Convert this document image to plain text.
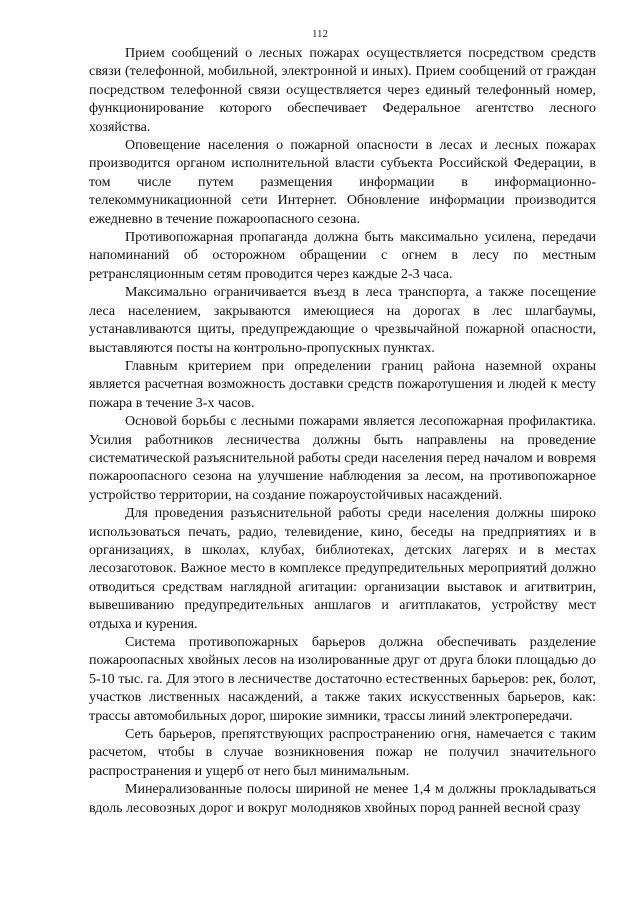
112

Прием сообщений о лесных пожарах осуществляется посредством средств связи (телефонной, мобильной, электронной и иных). Прием сообщений от граждан посредством телефонной связи осуществляется через единый телефонный номер, функционирование которого обеспечивает Федеральное агентство лесного хозяйства.

Оповещение населения о пожарной опасности в лесах и лесных пожарах производится органом исполнительной власти субъекта Российской Федерации, в том числе путем размещения информации в информационно-телекоммуникационной сети Интернет. Обновление информации производится ежедневно в течение пожароопасного сезона.

Противопожарная пропаганда должна быть максимально усилена, передачи напоминаний об осторожном обращении с огнем в лесу по местным ретрансляционным сетям проводится через каждые 2-3 часа.

Максимально ограничивается въезд в леса транспорта, а также посещение леса населением, закрываются имеющиеся на дорогах в лес шлагбаумы, устанавливаются щиты, предупреждающие о чрезвычайной пожарной опасности, выставляются посты на контрольно-пропускных пунктах.

Главным критерием при определении границ района наземной охраны является расчетная возможность доставки средств пожаротушения и людей к месту пожара в течение 3-х часов.

Основой борьбы с лесными пожарами является лесопожарная профилактика. Усилия работников лесничества должны быть направлены на проведение систематической разъяснительной работы среди населения перед началом и вовремя пожароопасного сезона на улучшение наблюдения за лесом, на противопожарное устройство территории, на создание пожароустойчивых насаждений.

Для проведения разъяснительной работы среди населения должны широко использоваться печать, радио, телевидение, кино, беседы на предприятиях и в организациях, в школах, клубах, библиотеках, детских лагерях и в местах лесозаготовок. Важное место в комплексе предупредительных мероприятий должно отводиться средствам наглядной агитации: организации выставок и агитвитрин, вывешиванию предупредительных аншлагов и агитплакатов, устройству мест отдыха и курения.

Система противопожарных барьеров должна обеспечивать разделение пожароопасных хвойных лесов на изолированные друг от друга блоки площадью до 5-10 тыс. га. Для этого в лесничестве достаточно естественных барьеров: рек, болот, участков лиственных насаждений, а также таких искусственных барьеров, как: трассы автомобильных дорог, широкие зимники, трассы линий электропередачи.

Сеть барьеров, препятствующих распространению огня, намечается с таким расчетом, чтобы в случае возникновения пожар не получил значительного распространения и ущерб от него был минимальным.

Минерализованные полосы шириной не менее 1,4 м должны прокладываться вдоль лесовозных дорог и вокруг молодняков хвойных пород ранней весной сразу
